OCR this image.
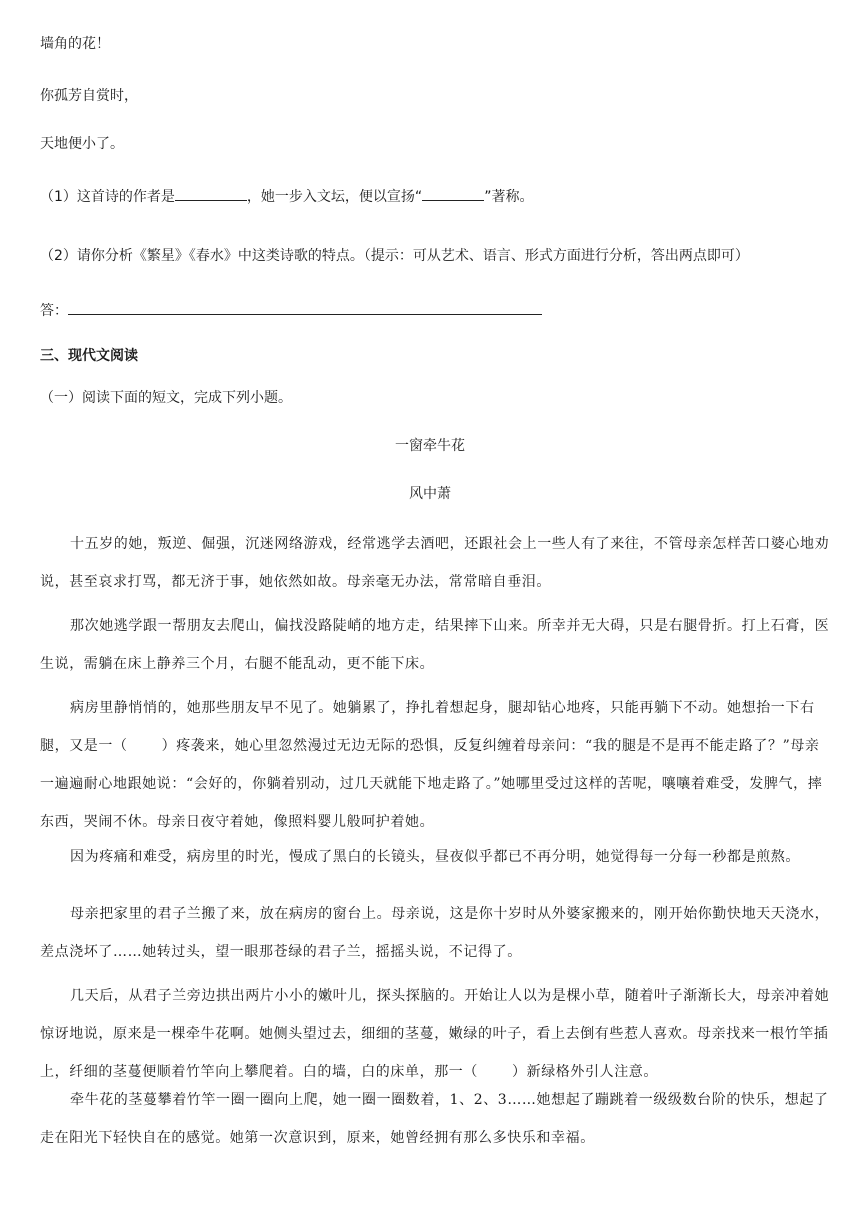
墙角的花！
你孤芳自赏时，
天地便小了。
（1）这首诗的作者是	，她一步入文坛，便以宣扬“	”著称。
（2）请你分析《繁星》《春水》中这类诗歌的特点。（提示：可从艺术、语言、形式方面进行分析，答出两点即可）
答：
三、现代文阅读
（一）阅读下面的短文，完成下列小题。
一窗牵牛花
风中萧
十五岁的她，叛逆、倔强，沉迷网络游戏，经常逃学去酒吧，还跟社会上一些人有了来往，不管母亲怎样苦口婆心地劝说，甚至哀求打骂，都无济于事，她依然如故。母亲毫无办法，常常暗自垂泪。
那次她逃学跟一帮朋友去爬山，偏找没路陡峭的地方走，结果摔下山来。所幸并无大碍，只是右腿骨折。打上石膏，医生说，需躺在床上静养三个月，右腿不能乱动，更不能下床。
病房里静悄悄的，她那些朋友早不见了。她躺累了，挣扎着想起身，腿却钻心地疼，只能再躺下不动。她想抬一下右腿，又是一（ ）疼袭来，她心里忽然漫过无边无际的恐惧，反复纠缠着母亲问：“我的腿是不是再不能走路了？”母亲一遍遍耐心地跟她说：“会好的，你躺着别动，过几天就能下地走路了。”她哪里受过这样的苦呢，嚷嚷着难受，发脾气，摔东西，哭闹不休。母亲日夜守着她，像照料婴儿般呵护着她。
因为疼痛和难受，病房里的时光，慢成了黑白的长镜头，昼夜似乎都已不再分明，她觉得每一分每一秒都是煎熬。
母亲把家里的君子兰搬了来，放在病房的窗台上。母亲说，这是你十岁时从外婆家搬来的，刚开始你勤快地天天浇水，差点浇坏了……她转过头，望一眼那苍绿的君子兰，摇摇头说，不记得了。
几天后，从君子兰旁边拱出两片小小的嫩叶儿，探头探脑的。开始让人以为是棵小草，随着叶子渐渐长大，母亲冲着她惊讶地说，原来是一棵牵牛花啊。她侧头望过去，细细的茎蔓，嫩绿的叶子，看上去倒有些惹人喜欢。母亲找来一根竹竿插上，纤细的茎蔓便顺着竹竿向上攀爬着。白的墙，白的床单，那一（ ）新绿格外引人注意。
牵牛花的茎蔓攀着竹竿一圈一圈向上爬，她一圈一圈数着，1、2、3……她想起了蹦跳着一级级数台阶的快乐，想起了走在阳光下轻快自在的感觉。她第一次意识到，原来，她曾经拥有那么多快乐和幸福。
